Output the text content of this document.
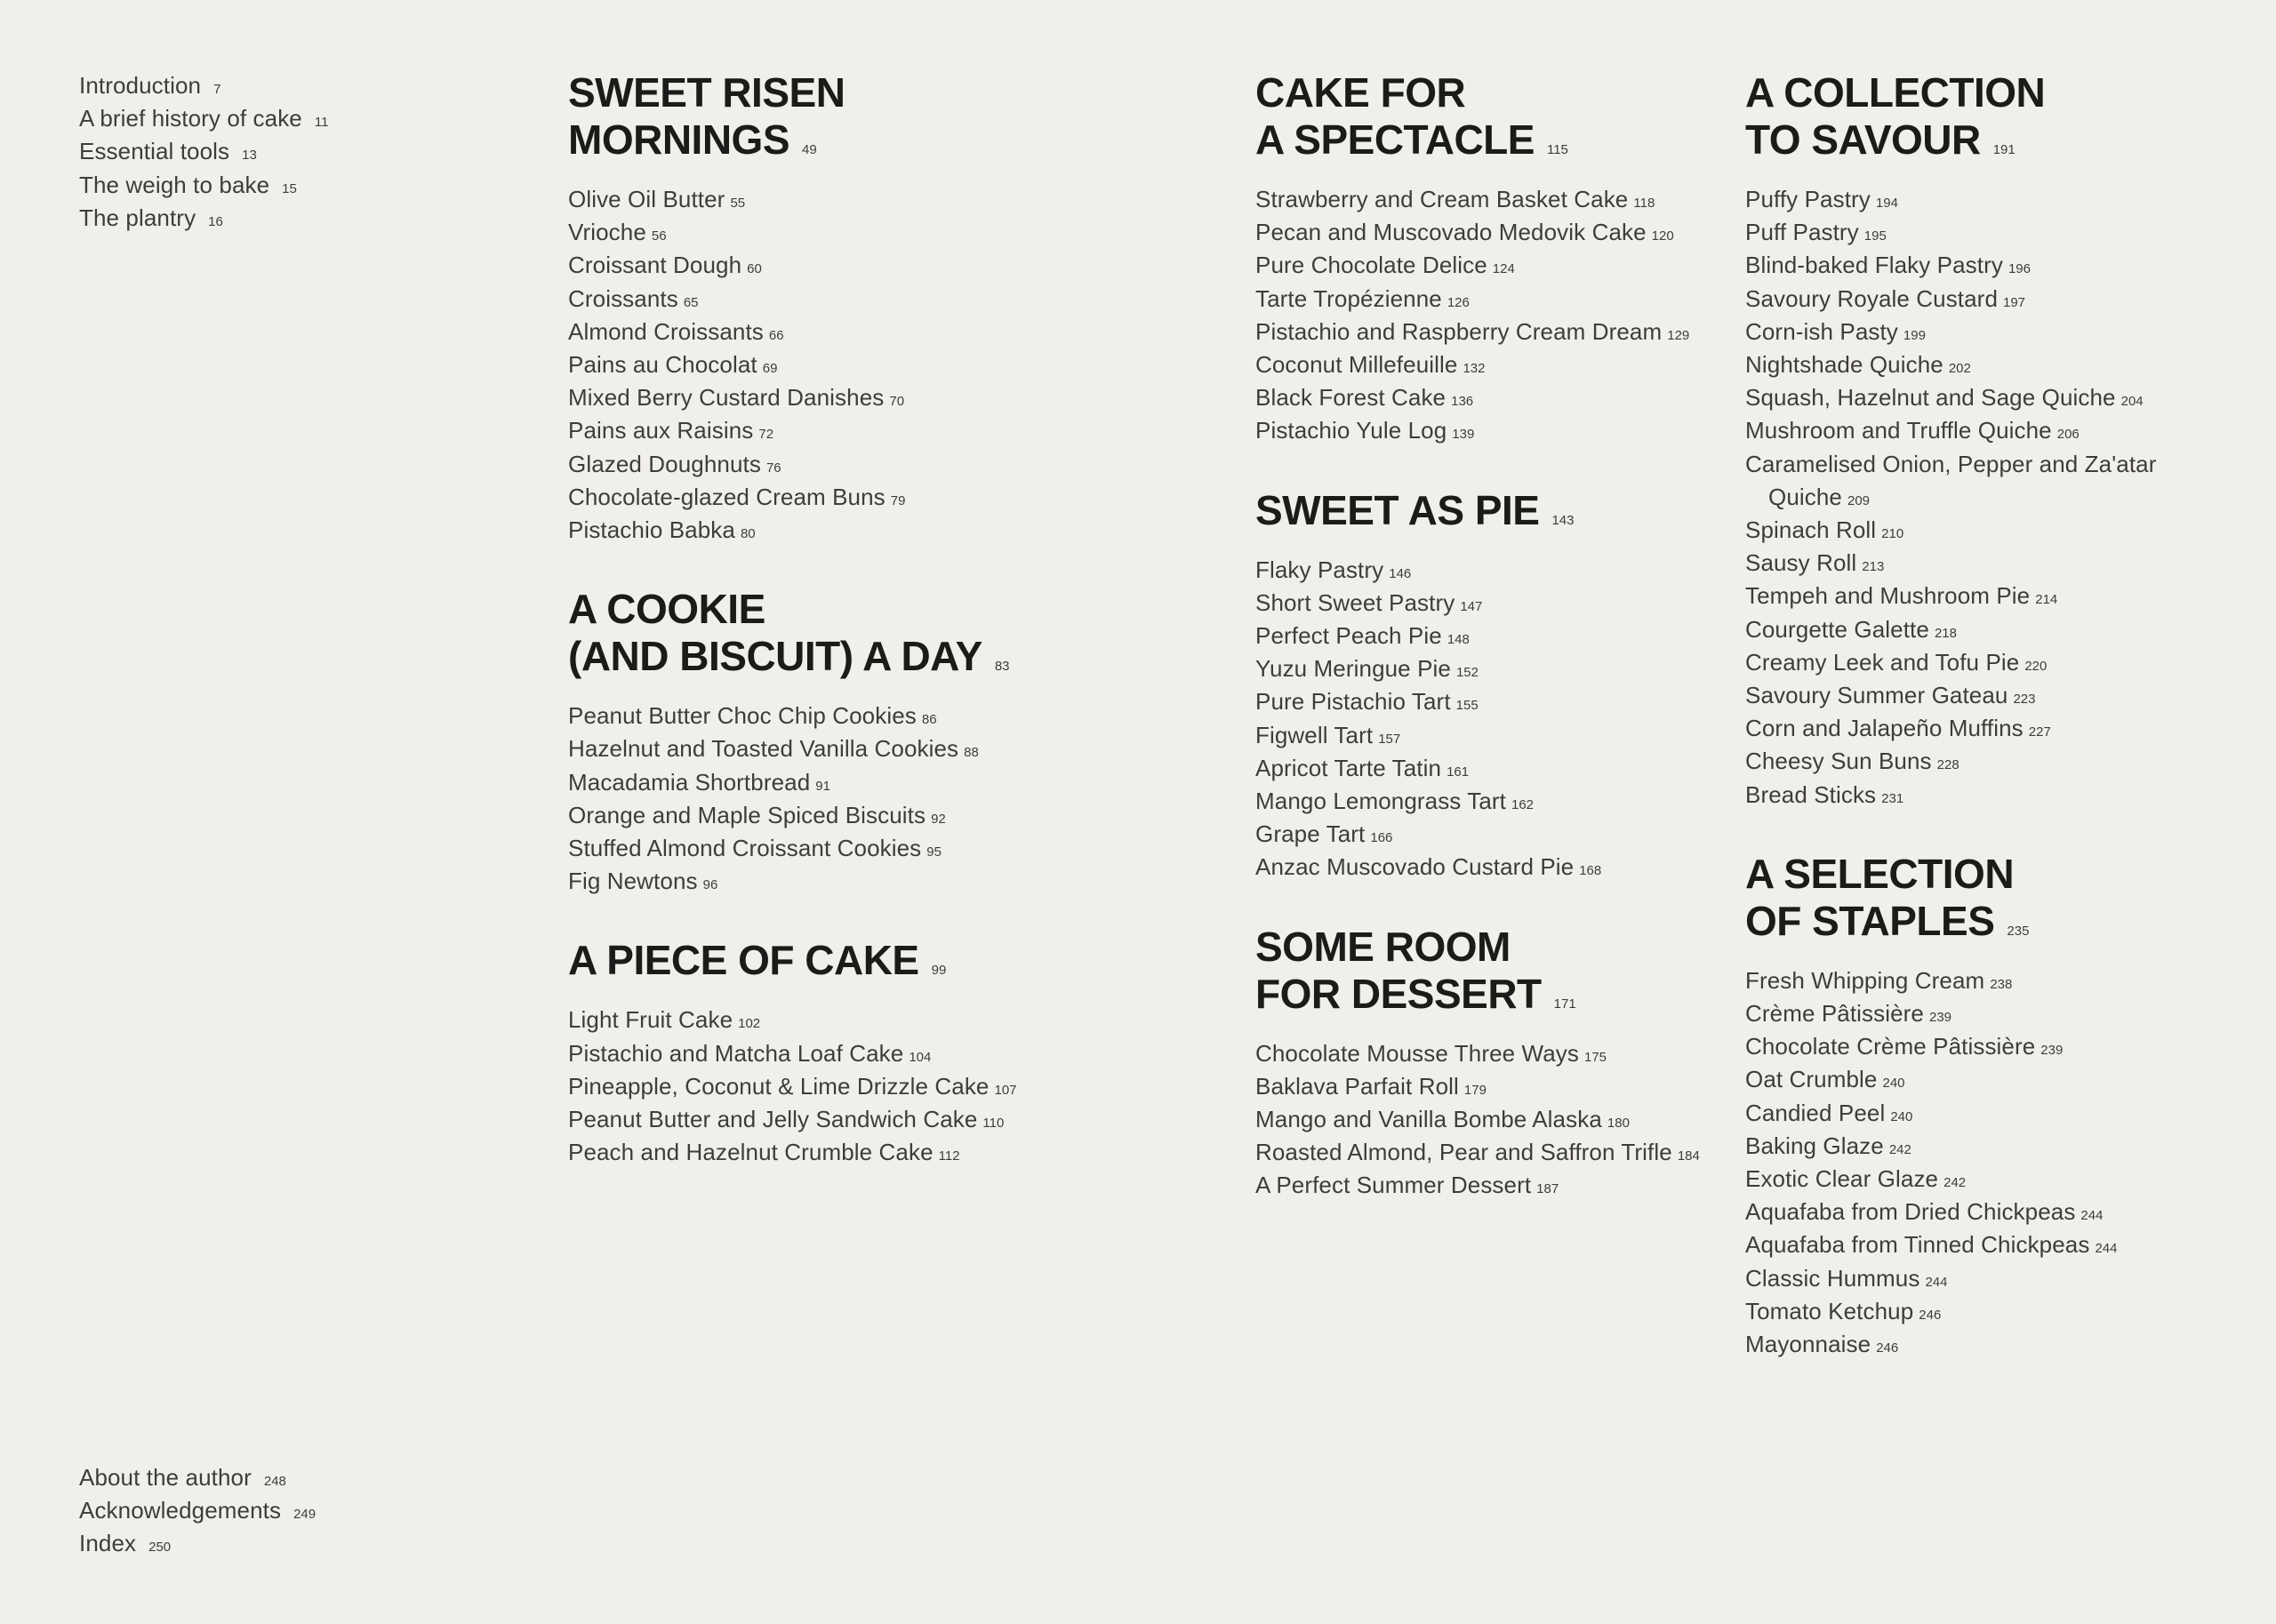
Introduction 7
A brief history of cake 11
Essential tools 13
The weigh to bake 15
The plantry 16
SWEET RISEN
MORNINGS 49
Olive Oil Butter 55
Vrioche 56
Croissant Dough 60
Croissants 65
Almond Croissants 66
Pains au Chocolat 69
Mixed Berry Custard Danishes 70
Pains aux Raisins 72
Glazed Doughnuts 76
Chocolate-glazed Cream Buns 79
Pistachio Babka 80
A COOKIE
(AND BISCUIT) A DAY 83
Peanut Butter Choc Chip Cookies 86
Hazelnut and Toasted Vanilla Cookies 88
Macadamia Shortbread 91
Orange and Maple Spiced Biscuits 92
Stuffed Almond Croissant Cookies 95
Fig Newtons 96
A PIECE OF CAKE 99
Light Fruit Cake 102
Pistachio and Matcha Loaf Cake 104
Pineapple, Coconut & Lime Drizzle Cake 107
Peanut Butter and Jelly Sandwich Cake 110
Peach and Hazelnut Crumble Cake 112
CAKE FOR
A SPECTACLE 115
Strawberry and Cream Basket Cake 118
Pecan and Muscovado Medovik Cake 120
Pure Chocolate Delice 124
Tarte Tropézienne 126
Pistachio and Raspberry Cream Dream 129
Coconut Millefeuille 132
Black Forest Cake 136
Pistachio Yule Log 139
SWEET AS PIE 143
Flaky Pastry 146
Short Sweet Pastry 147
Perfect Peach Pie 148
Yuzu Meringue Pie 152
Pure Pistachio Tart 155
Figwell Tart 157
Apricot Tarte Tatin 161
Mango Lemongrass Tart 162
Grape Tart 166
Anzac Muscovado Custard Pie 168
SOME ROOM
FOR DESSERT 171
Chocolate Mousse Three Ways 175
Baklava Parfait Roll 179
Mango and Vanilla Bombe Alaska 180
Roasted Almond, Pear and Saffron Trifle 184
A Perfect Summer Dessert 187
A COLLECTION
TO SAVOUR 191
Puffy Pastry 194
Puff Pastry 195
Blind-baked Flaky Pastry 196
Savoury Royale Custard 197
Corn-ish Pasty 199
Nightshade Quiche 202
Squash, Hazelnut and Sage Quiche 204
Mushroom and Truffle Quiche 206
Caramelised Onion, Pepper and Za'atar
Quiche 209
Spinach Roll 210
Sausy Roll 213
Tempeh and Mushroom Pie 214
Courgette Galette 218
Creamy Leek and Tofu Pie 220
Savoury Summer Gateau 223
Corn and Jalapeño Muffins 227
Cheesy Sun Buns 228
Bread Sticks 231
A SELECTION
OF STAPLES 235
Fresh Whipping Cream 238
Crème Pâtissière 239
Chocolate Crème Pâtissière 239
Oat Crumble 240
Candied Peel 240
Baking Glaze 242
Exotic Clear Glaze 242
Aquafaba from Dried Chickpeas 244
Aquafaba from Tinned Chickpeas 244
Classic Hummus 244
Tomato Ketchup 246
Mayonnaise 246
About the author 248
Acknowledgements 249
Index 250
